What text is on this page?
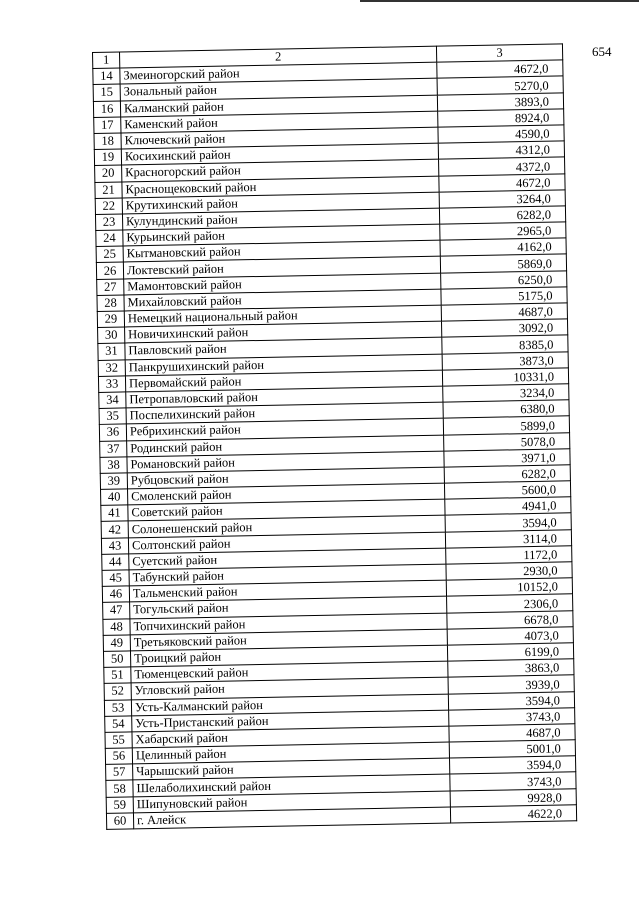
654
1	2	3
14	Змеиногорский район	4672,0
15	Зональный район	5270,0
16	Калманский район	3893,0
17	Каменский район	8924,0
18	Ключевский район	4590,0
19	Косихинский район	4312,0
20	Красногорский район	4372,0
21	Краснощековский район	4672,0
22	Крутихинский район	3264,0
23	Кулундинский район	6282,0
24	Курьинский район	2965,0
25	Кытмановский район	4162,0
26	Локтевский район	5869,0
27	Мамонтовский район	6250,0
28	Михайловский район	5175,0
29	Немецкий национальный район	4687,0
30	Новичихинский район	3092,0
31	Павловский район	8385,0
32	Панкрушихинский район	3873,0
33	Первомайский район	10331,0
34	Петропавловский район	3234,0
35	Поспелихинский район	6380,0
36	Ребрихинский район	5899,0
37	Родинский район	5078,0
38	Романовский район	3971,0
39	Рубцовский район	6282,0
40	Смоленский район	5600,0
41	Советский район	4941,0
42	Солонешенский район	3594,0
43	Солтонский район	3114,0
44	Суетский район	1172,0
45	Табунский район	2930,0
46	Тальменский район	10152,0
47	Тогульский район	2306,0
48	Топчихинский район	6678,0
49	Третьяковский район	4073,0
50	Троицкий район	6199,0
51	Тюменцевский район	3863,0
52	Угловский район	3939,0
53	Усть-Калманский район	3594,0
54	Усть-Пристанский район	3743,0
55	Хабарский район	4687,0
56	Целинный район	5001,0
57	Чарышский район	3594,0
58	Шелаболихинский район	3743,0
59	Шипуновский район	9928,0
60	г. Алейск	4622,0
